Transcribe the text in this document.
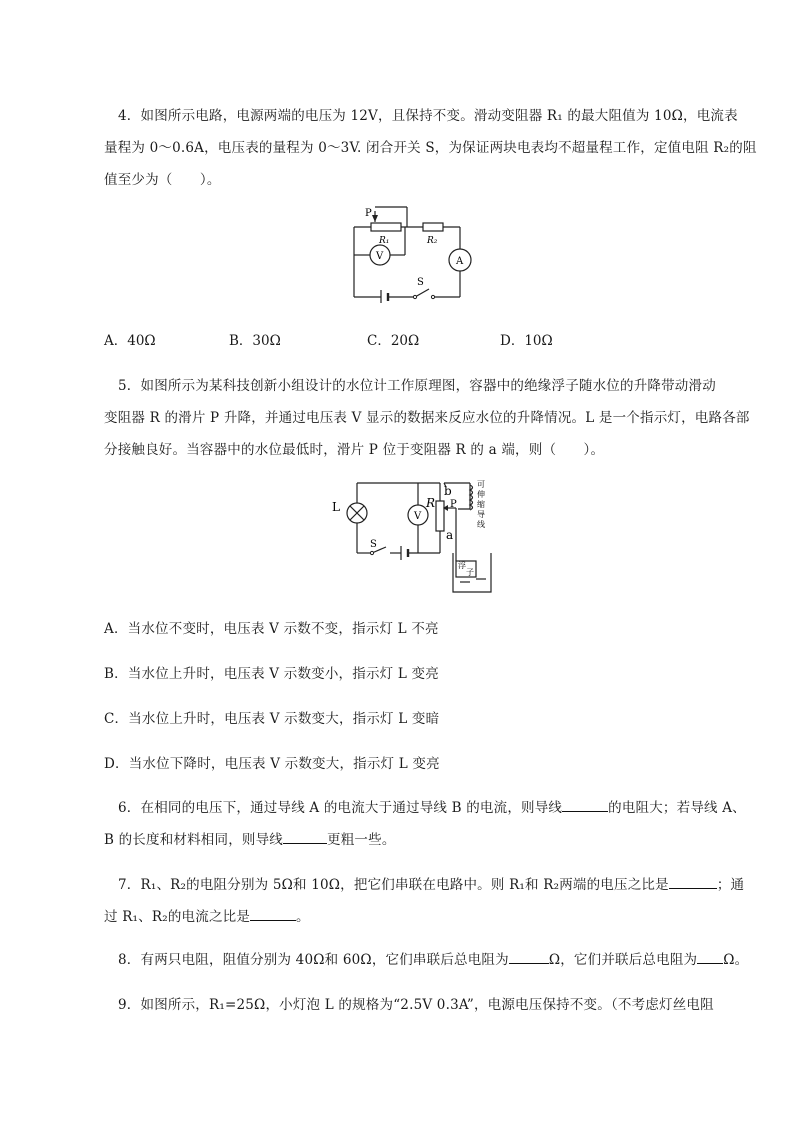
4．如图所示电路，电源两端的电压为 12V，且保持不变。滑动变阻器 R₁ 的最大阻值为 10Ω，电流表
量程为 0～0.6A，电压表的量程为 0～3V. 闭合开关 S，为保证两块电表均不超量程工作，定值电阻 R₂的阻
值至少为（　　）。
P
R₁	R₂
V	A
S
A．40Ω	B．30Ω	C．20Ω	D．10Ω
5．如图所示为某科技创新小组设计的水位计工作原理图，容器中的绝缘浮子随水位的升降带动滑动
变阻器 R 的滑片 P 升降，并通过电压表 V 显示的数据来反应水位的升降情况。L 是一个指示灯，电路各部
分接触良好。当容器中的水位最低时，滑片 P 位于变阻器 R 的 a 端，则（　　）。
L
V
R
b
P
a
S
可
伸
缩
导
线
浮
子
A．当水位不变时，电压表 V 示数不变，指示灯 L 不亮
B．当水位上升时，电压表 V 示数变小，指示灯 L 变亮
C．当水位上升时，电压表 V 示数变大，指示灯 L 变暗
D．当水位下降时，电压表 V 示数变大，指示灯 L 变亮
6．在相同的电压下，通过导线 A 的电流大于通过导线 B 的电流，则导线	的电阻大；若导线 A、
B 的长度和材料相同，则导线	更粗一些。
7．R₁、R₂的电阻分别为 5Ω和 10Ω，把它们串联在电路中。则 R₁和 R₂两端的电压之比是	；通
过 R₁、R₂的电流之比是	。
8．有两只电阻，阻值分别为 40Ω和 60Ω，它们串联后总电阻为	Ω，它们并联后总电阻为 Ω。
9．如图所示，R₁=25Ω，小灯泡 L 的规格为“2.5V 0.3A”，电源电压保持不变。（不考虑灯丝电阻
